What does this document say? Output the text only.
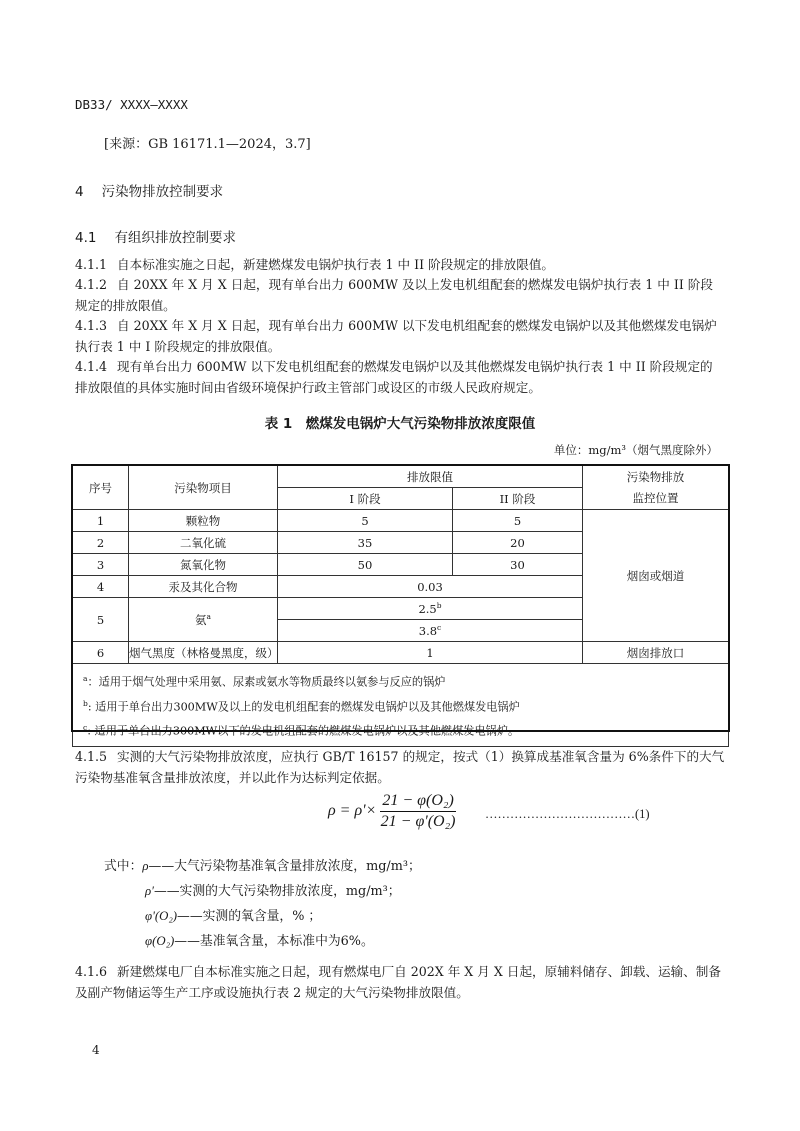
DB33/ XXXX—XXXX
[来源：GB 16171.1—2024，3.7]
4 污染物排放控制要求
4.1 有组织排放控制要求
4.1.1 自本标准实施之日起，新建燃煤发电锅炉执行表 1 中 II 阶段规定的排放限值。
4.1.2 自 20XX 年 X 月 X 日起，现有单台出力 600MW 及以上发电机组配套的燃煤发电锅炉执行表 1 中 II 阶段规定的排放限值。
4.1.3 自 20XX 年 X 月 X 日起，现有单台出力 600MW 以下发电机组配套的燃煤发电锅炉以及其他燃煤发电锅炉执行表 1 中 I 阶段规定的排放限值。
4.1.4 现有单台出力 600MW 以下发电机组配套的燃煤发电锅炉以及其他燃煤发电锅炉执行表 1 中 II 阶段规定的排放限值的具体实施时间由省级环境保护行政主管部门或设区的市级人民政府规定。
表 1　燃煤发电锅炉大气污染物排放浓度限值
单位：mg/m³（烟气黑度除外）
序号	污染物项目	排放限值		污染物排放
		I 阶段	II 阶段	监控位置
1	颗粒物	5	5	烟囱或烟道
2	二氧化硫	35	20	
3	氮氧化物	50	30	
4	汞及其化合物	0.03		
5	氨$^a$	2.5$^b$
		3.8$^c$
6	烟气黑度（林格曼黑度，级）	1		烟囱排放口

$^a$：适用于烟气处理中采用氨、尿素或氨水等物质最终以氨参与反应的锅炉
$^b$: 适用于单台出力300MW及以上的发电机组配套的燃煤发电锅炉以及其他燃煤发电锅炉
$^c$: 适用于单台出力300MW以下的发电机组配套的燃煤发电锅炉以及其他燃煤发电锅炉。				
4.1.5 实测的大气污染物排放浓度，应执行 GB/T 16157 的规定，按式（1）换算成基准氧含量为 6%条件下的大气污染物基准氧含量排放浓度，并以此作为达标判定依据。
$\rho = \rho'\times \frac{\text{21 − φ(O₂)}}{\text{21 − φ'(O₂)}}$ ………………………………(1)
式中：ρ——大气污染物基准氧含量排放浓度，mg/m³；
ρ′——实测的大气污染物排放浓度，mg/m³；
φ'(O₂)——实测的氧含量，% ；
φ(O₂)——基准氧含量，本标准中为6%。
4.1.6 新建燃煤电厂自本标准实施之日起，现有燃煤电厂自 202X 年 X 月 X 日起，原辅料储存、卸载、运输、制备及副产物储运等生产工序或设施执行表 2 规定的大气污染物排放限值。
4
